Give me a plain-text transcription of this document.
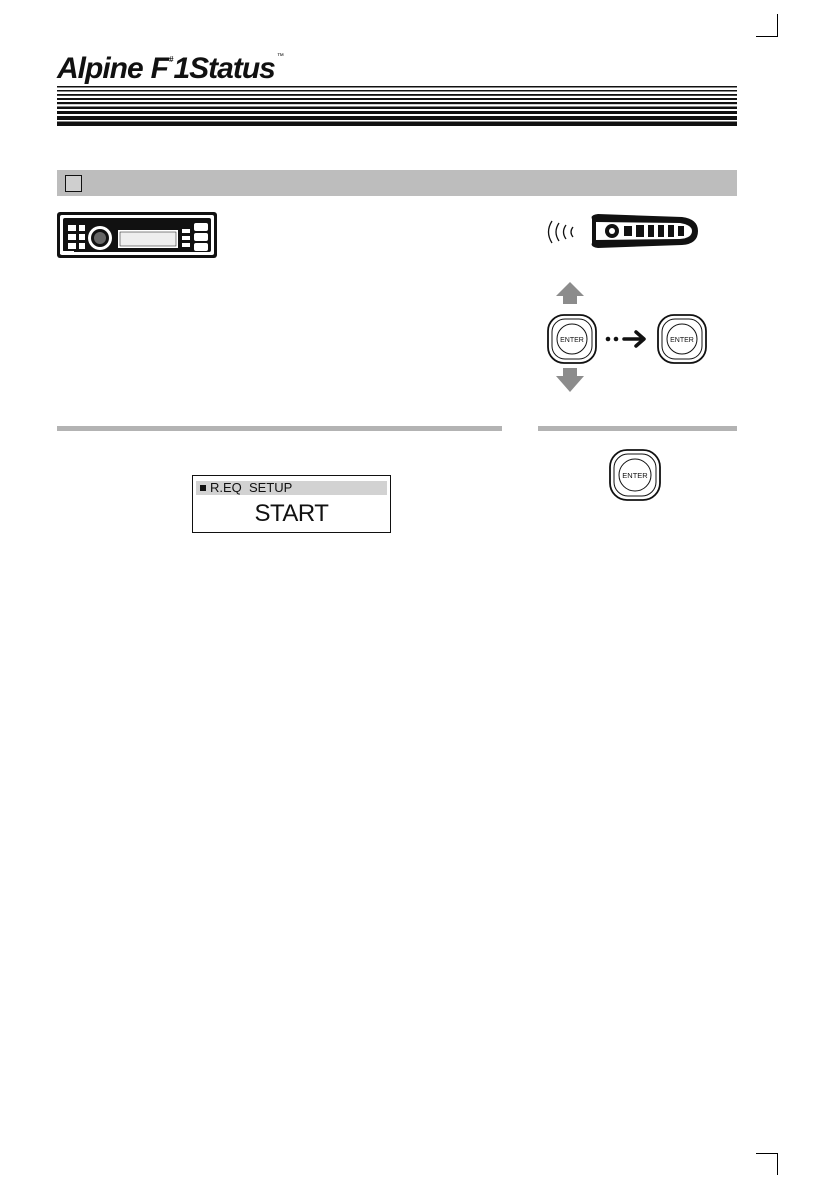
Alpine F # 1Status ™
ENTER	ENTER
R.EQ  SETUP
START
ENTER
